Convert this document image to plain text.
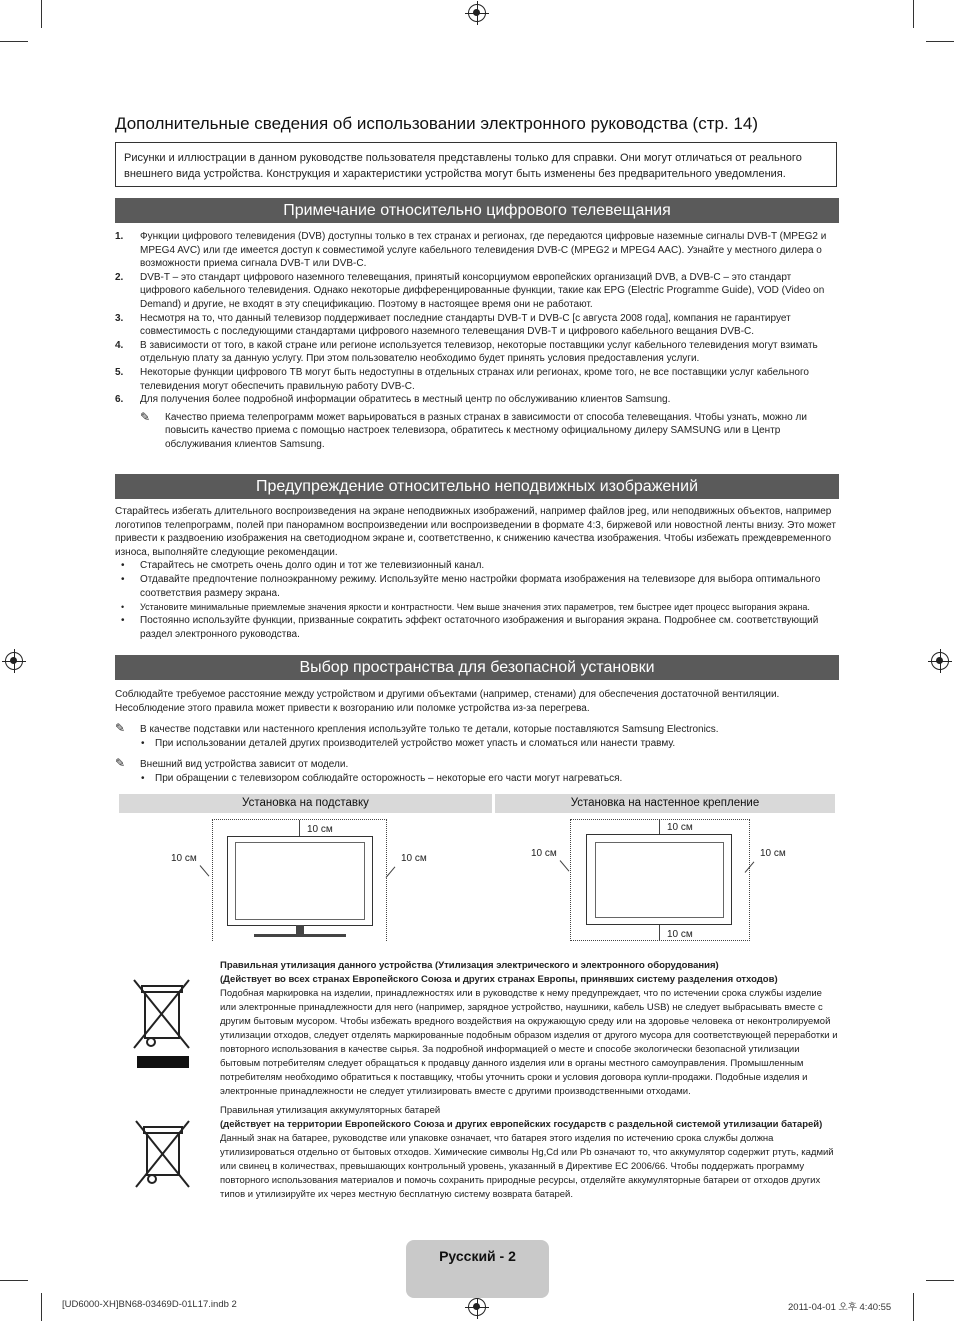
Дополнительные сведения об использовании электронного руководства (стр. 14)
Рисунки и иллюстрации в данном руководстве пользователя представлены только для справки. Они могут отличаться от реального внешнего вида устройства. Конструкция и характеристики устройства могут быть изменены без предварительного уведомления.
Примечание относительно цифрового телевещания
1. Функции цифрового телевидения (DVB) доступны только в тех странах и регионах, где передаются цифровые наземные сигналы DVB-T (MPEG2 и MPEG4 AVC) или где имеется доступ к совместимой услуге кабельного телевидения DVB-C (MPEG2 и MPEG4 AAC). Узнайте у местного дилера о возможности приема сигнала DVB-T или DVB-C.
2. DVB-T – это стандарт цифрового наземного телевещания, принятый консорциумом европейских организаций DVB, а DVB-C – это стандарт цифрового кабельного телевидения. Однако некоторые дифференцированные функции, такие как EPG (Electric Programme Guide), VOD (Video on Demand) и другие, не входят в эту спецификацию. Поэтому в настоящее время они не работают.
3. Несмотря на то, что данный телевизор поддерживает последние стандарты DVB-T и DVB-C [с августа 2008 года], компания не гарантирует совместимость с последующими стандартами цифрового наземного телевещания DVB-T и цифрового кабельного вещания DVB-C.
4. В зависимости от того, в какой стране или регионе используется телевизор, некоторые поставщики услуг кабельного телевидения могут взимать отдельную плату за данную услугу. При этом пользователю необходимо будет принять условия предоставления услуги.
5. Некоторые функции цифрового ТВ могут быть недоступны в отдельных странах или регионах, кроме того, не все поставщики услуг кабельного телевидения могут обеспечить правильную работу DVB-C.
6. Для получения более подробной информации обратитесь в местный центр по обслуживанию клиентов Samsung.
✎ Качество приема телепрограмм может варьироваться в разных странах в зависимости от способа телевещания. Чтобы узнать, можно ли повысить качество приема с помощью настроек телевизора, обратитесь к местному официальному дилеру SAMSUNG или в Центр обслуживания клиентов Samsung.
Предупреждение относительно неподвижных изображений
Старайтесь избегать длительного воспроизведения на экране неподвижных изображений, например файлов jpeg, или неподвижных объектов, например логотипов телепрограмм, полей при панорамном воспроизведении или воспроизведении в формате 4:3, биржевой или новостной ленты внизу. Это может привести к раздвоению изображения на светодиодном экране и, соответственно, к снижению качества изображения. Чтобы избежать преждевременного износа, выполняйте следующие рекомендации.
• Старайтесь не смотреть очень долго один и тот же телевизионный канал.
• Отдавайте предпочтение полноэкранному режиму. Используйте меню настройки формата изображения на телевизоре для выбора оптимального соответствия размеру экрана.
• Установите минимальные приемлемые значения яркости и контрастности. Чем выше значения этих параметров, тем быстрее идет процесс выгорания экрана.
• Постоянно используйте функции, призванные сократить эффект остаточного изображения и выгорания экрана. Подробнее см. соответствующий раздел электронного руководства.
Выбор пространства для безопасной установки
Соблюдайте требуемое расстояние между устройством и другими объектами (например, стенами) для обеспечения достаточной вентиляции. Несоблюдение этого правила может привести к возгоранию или поломке устройства из-за перегрева.
✎ В качестве подставки или настенного крепления используйте только те детали, которые поставляются Samsung Electronics.
• При использовании деталей других производителей устройство может упасть и сломаться или нанести травму.
✎ Внешний вид устройства зависит от модели.
• При обращении с телевизором соблюдайте осторожность – некоторые его части могут нагреваться.
Установка на подставку	Установка на настенное крепление
10 см
10 см	10 см
10 см
10 см
10 см	10 см
Правильная утилизация данного устройства (Утилизация электрического и электронного оборудования)
(Действует во всех странах Европейского Союза и других странах Европы, принявших систему разделения отходов)
Подобная маркировка на изделии, принадлежностях или в руководстве к нему предупреждает, что по истечении срока службы изделие или электронные принадлежности для него (например, зарядное устройство, наушники, кабель USB) не следует выбрасывать вместе с другим бытовым мусором. Чтобы избежать вредного воздействия на окружающую среду или на здоровье человека от неконтролируемой утилизации отходов, следует отделять маркированные подобным образом изделия от другого мусора для соответствующей переработки и повторного использования в качестве сырья. За подробной информацией о месте и способе экологически безопасной утилизации бытовым потребителям следует обращаться к продавцу данного изделия или в органы местного самоуправления. Промышленным потребителям необходимо обратиться к поставщику, чтобы уточнить сроки и условия договора купли-продажи. Подобные изделия и электронные принадлежности не следует утилизировать вместе с другими производственными отходами.
Правильная утилизация аккумуляторных батарей
(действует на территории Европейского Союза и других европейских государств с раздельной системой утилизации батарей)
Данный знак на батарее, руководстве или упаковке означает, что батарея этого изделия по истечению срока службы должна утилизироваться отдельно от бытовых отходов. Химические символы Hg,Cd или Pb означают то, что аккумулятор содержит ртуть, кадмий или свинец в количествах, превышающих контрольный уровень, указанный в Директиве ЕС 2006/66. Чтобы поддержать программу повторного использования материалов и помочь сохранить природные ресурсы, отделяйте аккумуляторные батареи от отходов других типов и утилизируйте их через местную бесплатную систему возврата батарей.
Русский - 2
[UD6000-XH]BN68-03469D-01L17.indb 2	2011-04-01 오후 4:40:55
